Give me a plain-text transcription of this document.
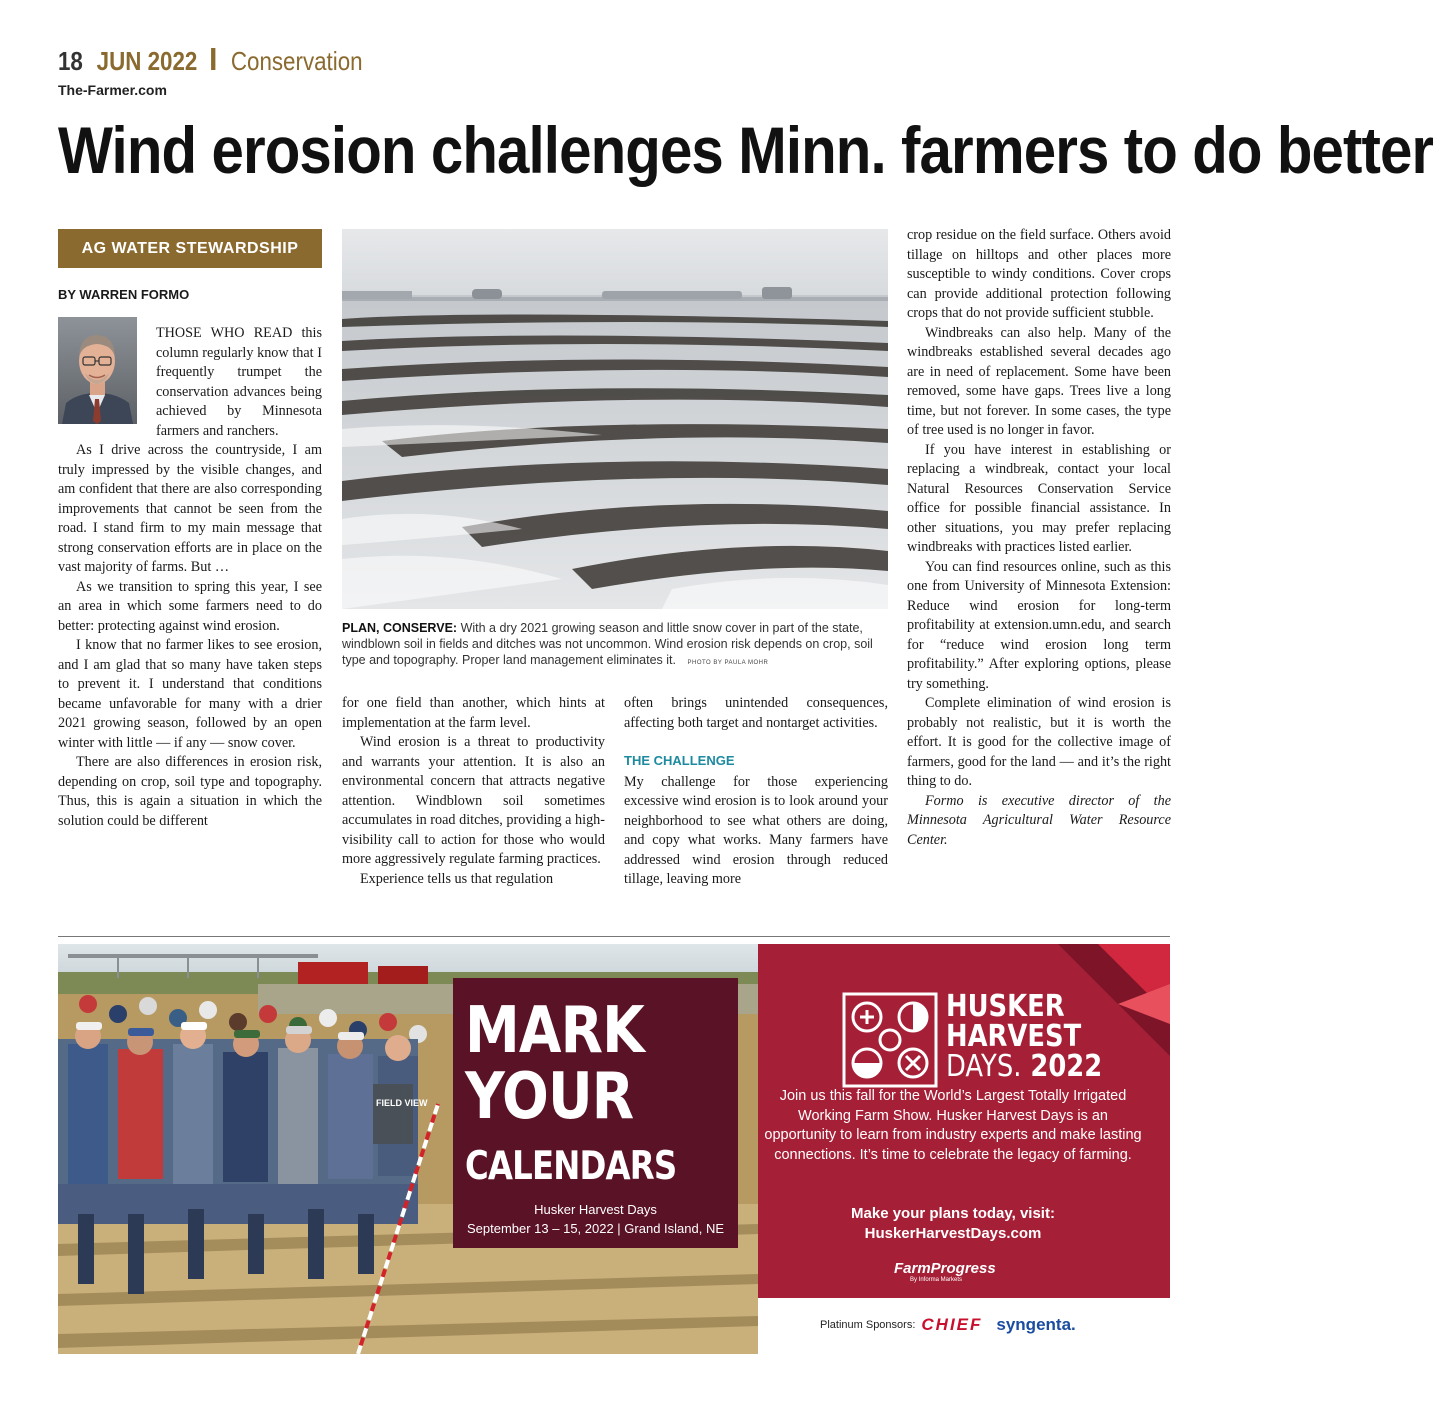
18 JUN 2022 Conservation
The-Farmer.com
Wind erosion challenges Minn. farmers to do better
AG WATER STEWARDSHIP
BY WARREN FORMO

THOSE WHO READ this column regularly know that I frequently trumpet the conservation advances being achieved by Minnesota farmers and ranchers.

As I drive across the countryside, I am truly impressed by the visible changes, and am confident that there are also corresponding improvements that cannot be seen from the road. I stand firm to my main message that strong conservation efforts are in place on the vast majority of farms. But …

As we transition to spring this year, I see an area in which some farmers need to do better: protecting against wind erosion.

I know that no farmer likes to see erosion, and I am glad that so many have taken steps to prevent it. I understand that conditions became unfavorable for many with a drier 2021 growing season, followed by an open winter with little — if any — snow cover.

There are also differences in erosion risk, depending on crop, soil type and topography. Thus, this is again a situation in which the solution could be different

PLAN, CONSERVE: With a dry 2021 growing season and little snow cover in part of the state, windblown soil in fields and ditches was not uncommon. Wind erosion risk depends on crop, soil type and topography. Proper land management eliminates it. PHOTO BY PAULA MOHR

for one field than another, which hints at implementation at the farm level.

Wind erosion is a threat to productivity and warrants your attention. It is also an environmental concern that attracts negative attention. Windblown soil sometimes accumulates in road ditches, providing a high-visibility call to action for those who would more aggressively regulate farming practices.

Experience tells us that regulation

often brings unintended consequences, affecting both target and nontarget activities.

THE CHALLENGE

My challenge for those experiencing excessive wind erosion is to look around your neighborhood to see what others are doing, and copy what works. Many farmers have addressed wind erosion through reduced tillage, leaving more

crop residue on the field surface. Others avoid tillage on hilltops and other places more susceptible to windy conditions. Cover crops can provide additional protection following crops that do not provide sufficient stubble.

Windbreaks can also help. Many of the windbreaks established several decades ago are in need of replacement. Some have been removed, some have gaps. Trees live a long time, but not forever. In some cases, the type of tree used is no longer in favor.

If you have interest in establishing or replacing a windbreak, contact your local Natural Resources Conservation Service office for possible financial assistance. In other situations, you may prefer replacing windbreaks with practices listed earlier.

You can find resources online, such as this one from University of Minnesota Extension: Reduce wind erosion for long-term profitability at extension.umn.edu, and search for “reduce wind erosion long term profitability.” After exploring options, please try something.

Complete elimination of wind erosion is probably not realistic, but it is worth the effort. It is good for the collective image of farmers, good for the land — and it’s the right thing to do.

Formo is executive director of the Minnesota Agricultural Water Resource Center.

FIELD VIEW
MARK
YOUR
CALENDARS
Husker Harvest Days
September 13 – 15, 2022 | Grand Island, NE
HUSKER
HARVEST
DAYS. 2022
Join us this fall for the World’s Largest Totally Irrigated Working Farm Show. Husker Harvest Days is an opportunity to learn from industry experts and make lasting connections. It’s time to celebrate the legacy of farming.
Make your plans today, visit:
HuskerHarvestDays.com
FarmProgress
By Informa Markets
Platinum Sponsors: CHIEF syngenta.
